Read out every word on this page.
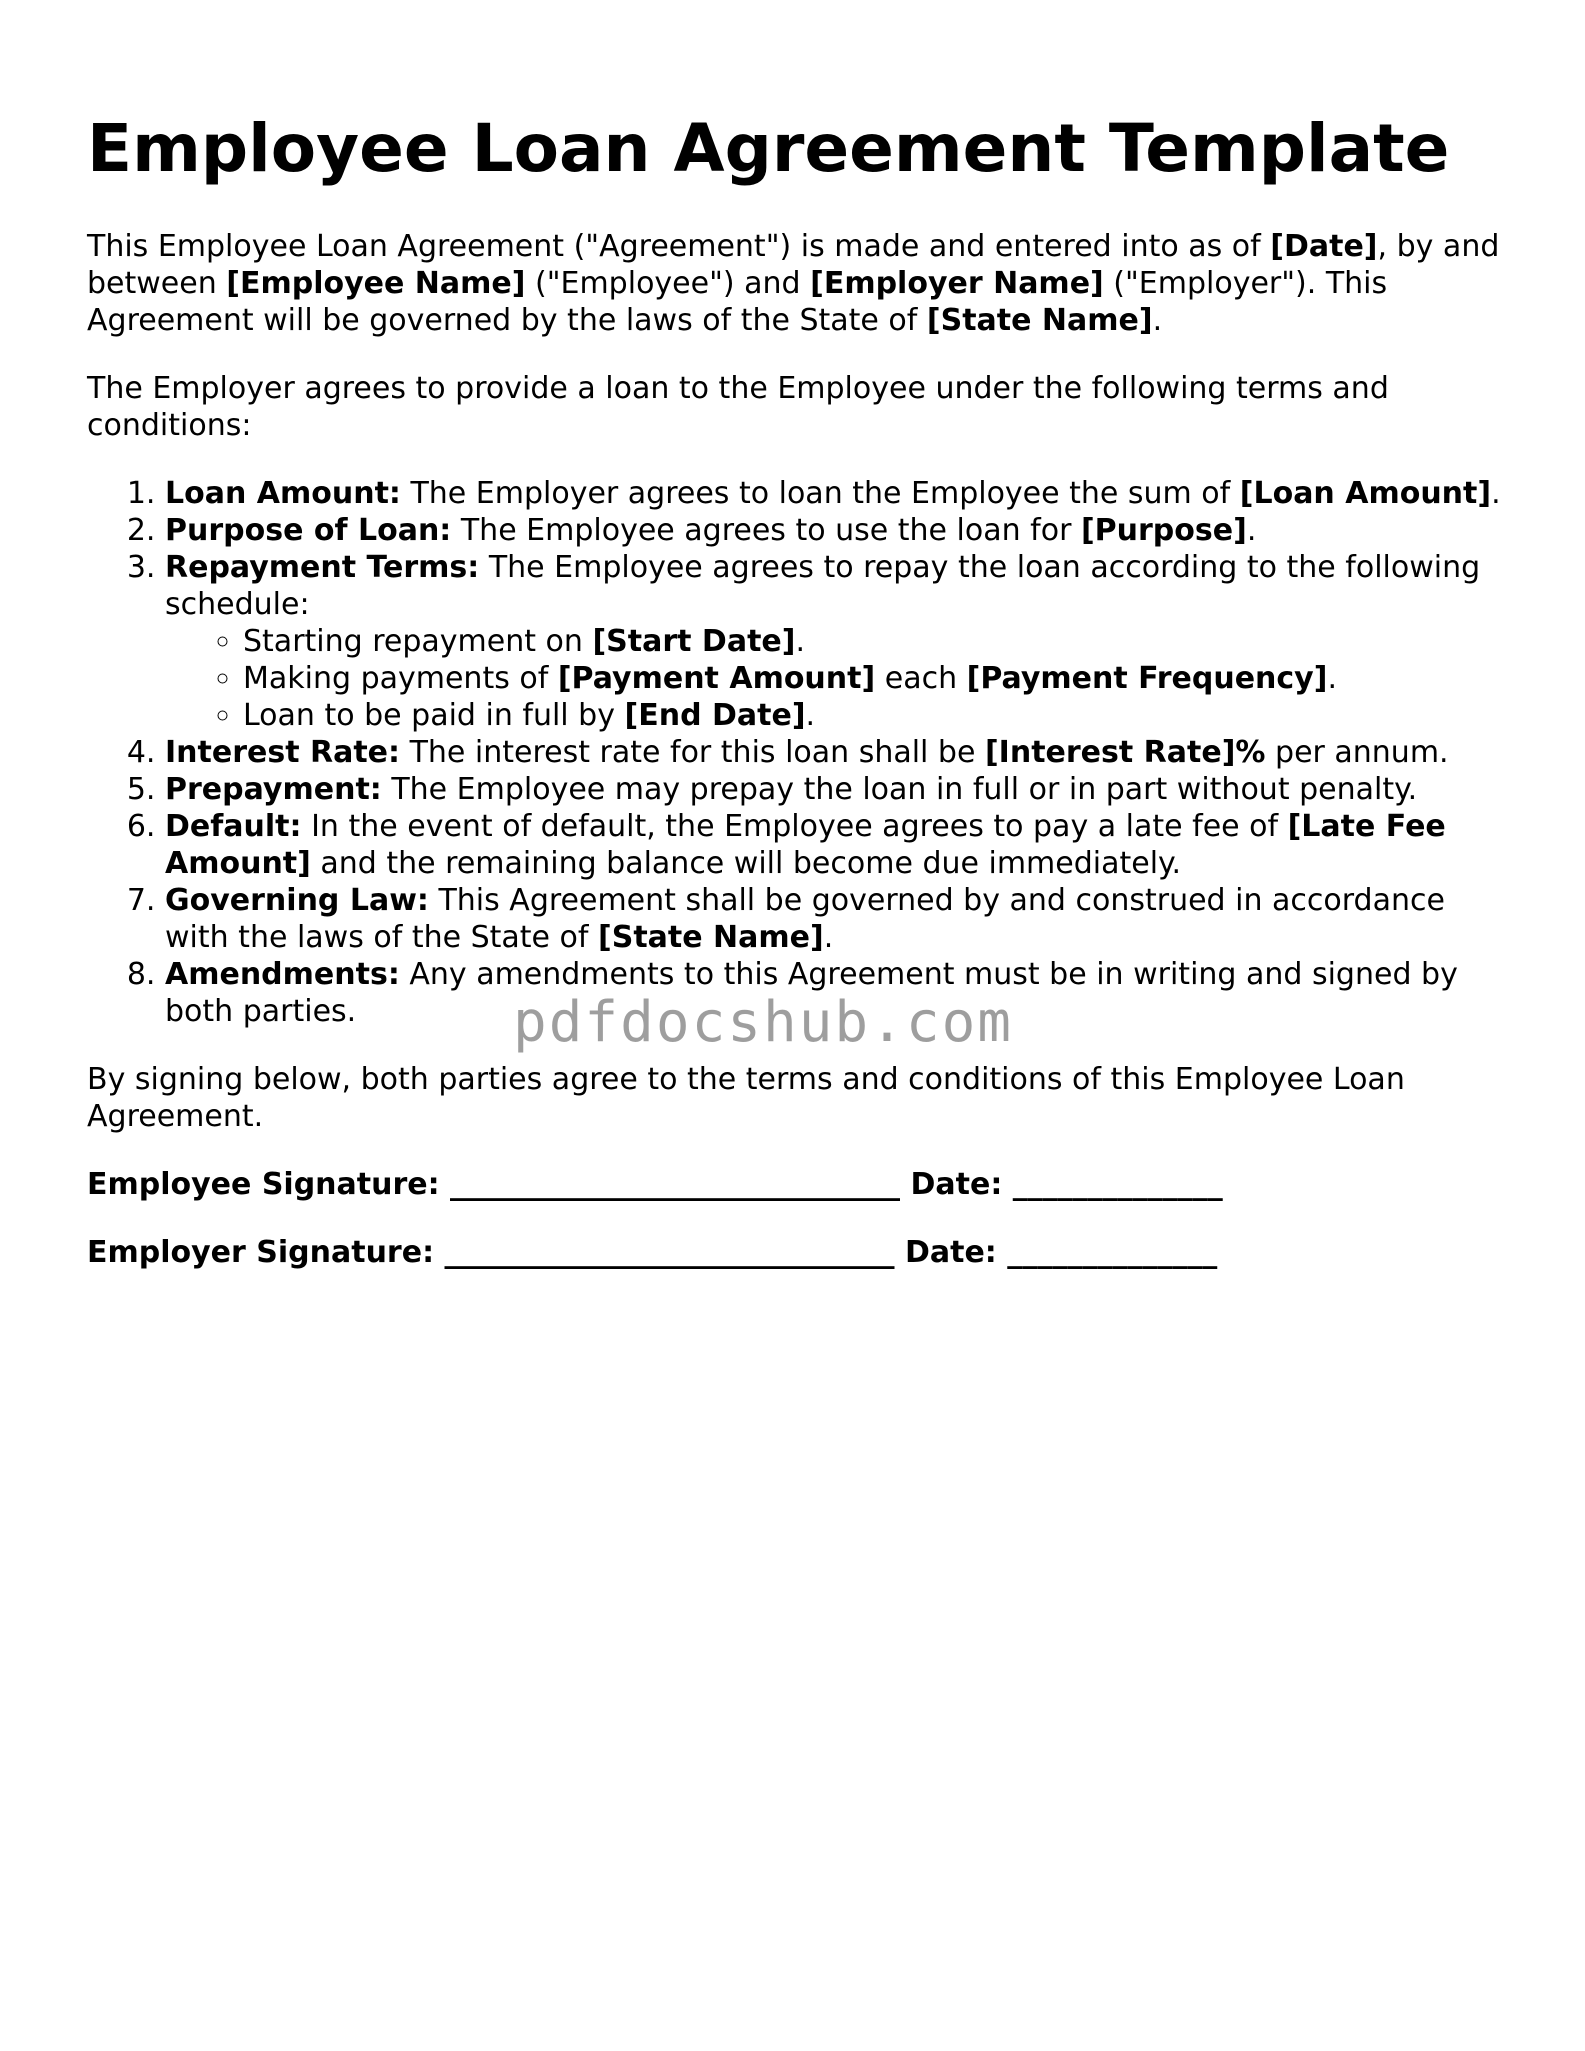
Employee Loan Agreement Template

This Employee Loan Agreement ("Agreement") is made and entered into as of [Date], by and between [Employee Name] ("Employee") and [Employer Name] ("Employer"). This Agreement will be governed by the laws of the State of [State Name].

The Employer agrees to provide a loan to the Employee under the following terms and conditions:

1. Loan Amount: The Employer agrees to loan the Employee the sum of [Loan Amount].
2. Purpose of Loan: The Employee agrees to use the loan for [Purpose].
3. Repayment Terms: The Employee agrees to repay the loan according to the following schedule:
◦ Starting repayment on [Start Date].
◦ Making payments of [Payment Amount] each [Payment Frequency].
◦ Loan to be paid in full by [End Date].
4. Interest Rate: The interest rate for this loan shall be [Interest Rate]% per annum.
5. Prepayment: The Employee may prepay the loan in full or in part without penalty.
6. Default: In the event of default, the Employee agrees to pay a late fee of [Late Fee Amount] and the remaining balance will become due immediately.
7. Governing Law: This Agreement shall be governed by and construed in accordance with the laws of the State of [State Name].
8. Amendments: Any amendments to this Agreement must be in writing and signed by both parties.

By signing below, both parties agree to the terms and conditions of this Employee Loan Agreement.

Employee Signature: ______________________________ Date: ______________

Employer Signature: ______________________________ Date: ______________

pdfdocshub.com
